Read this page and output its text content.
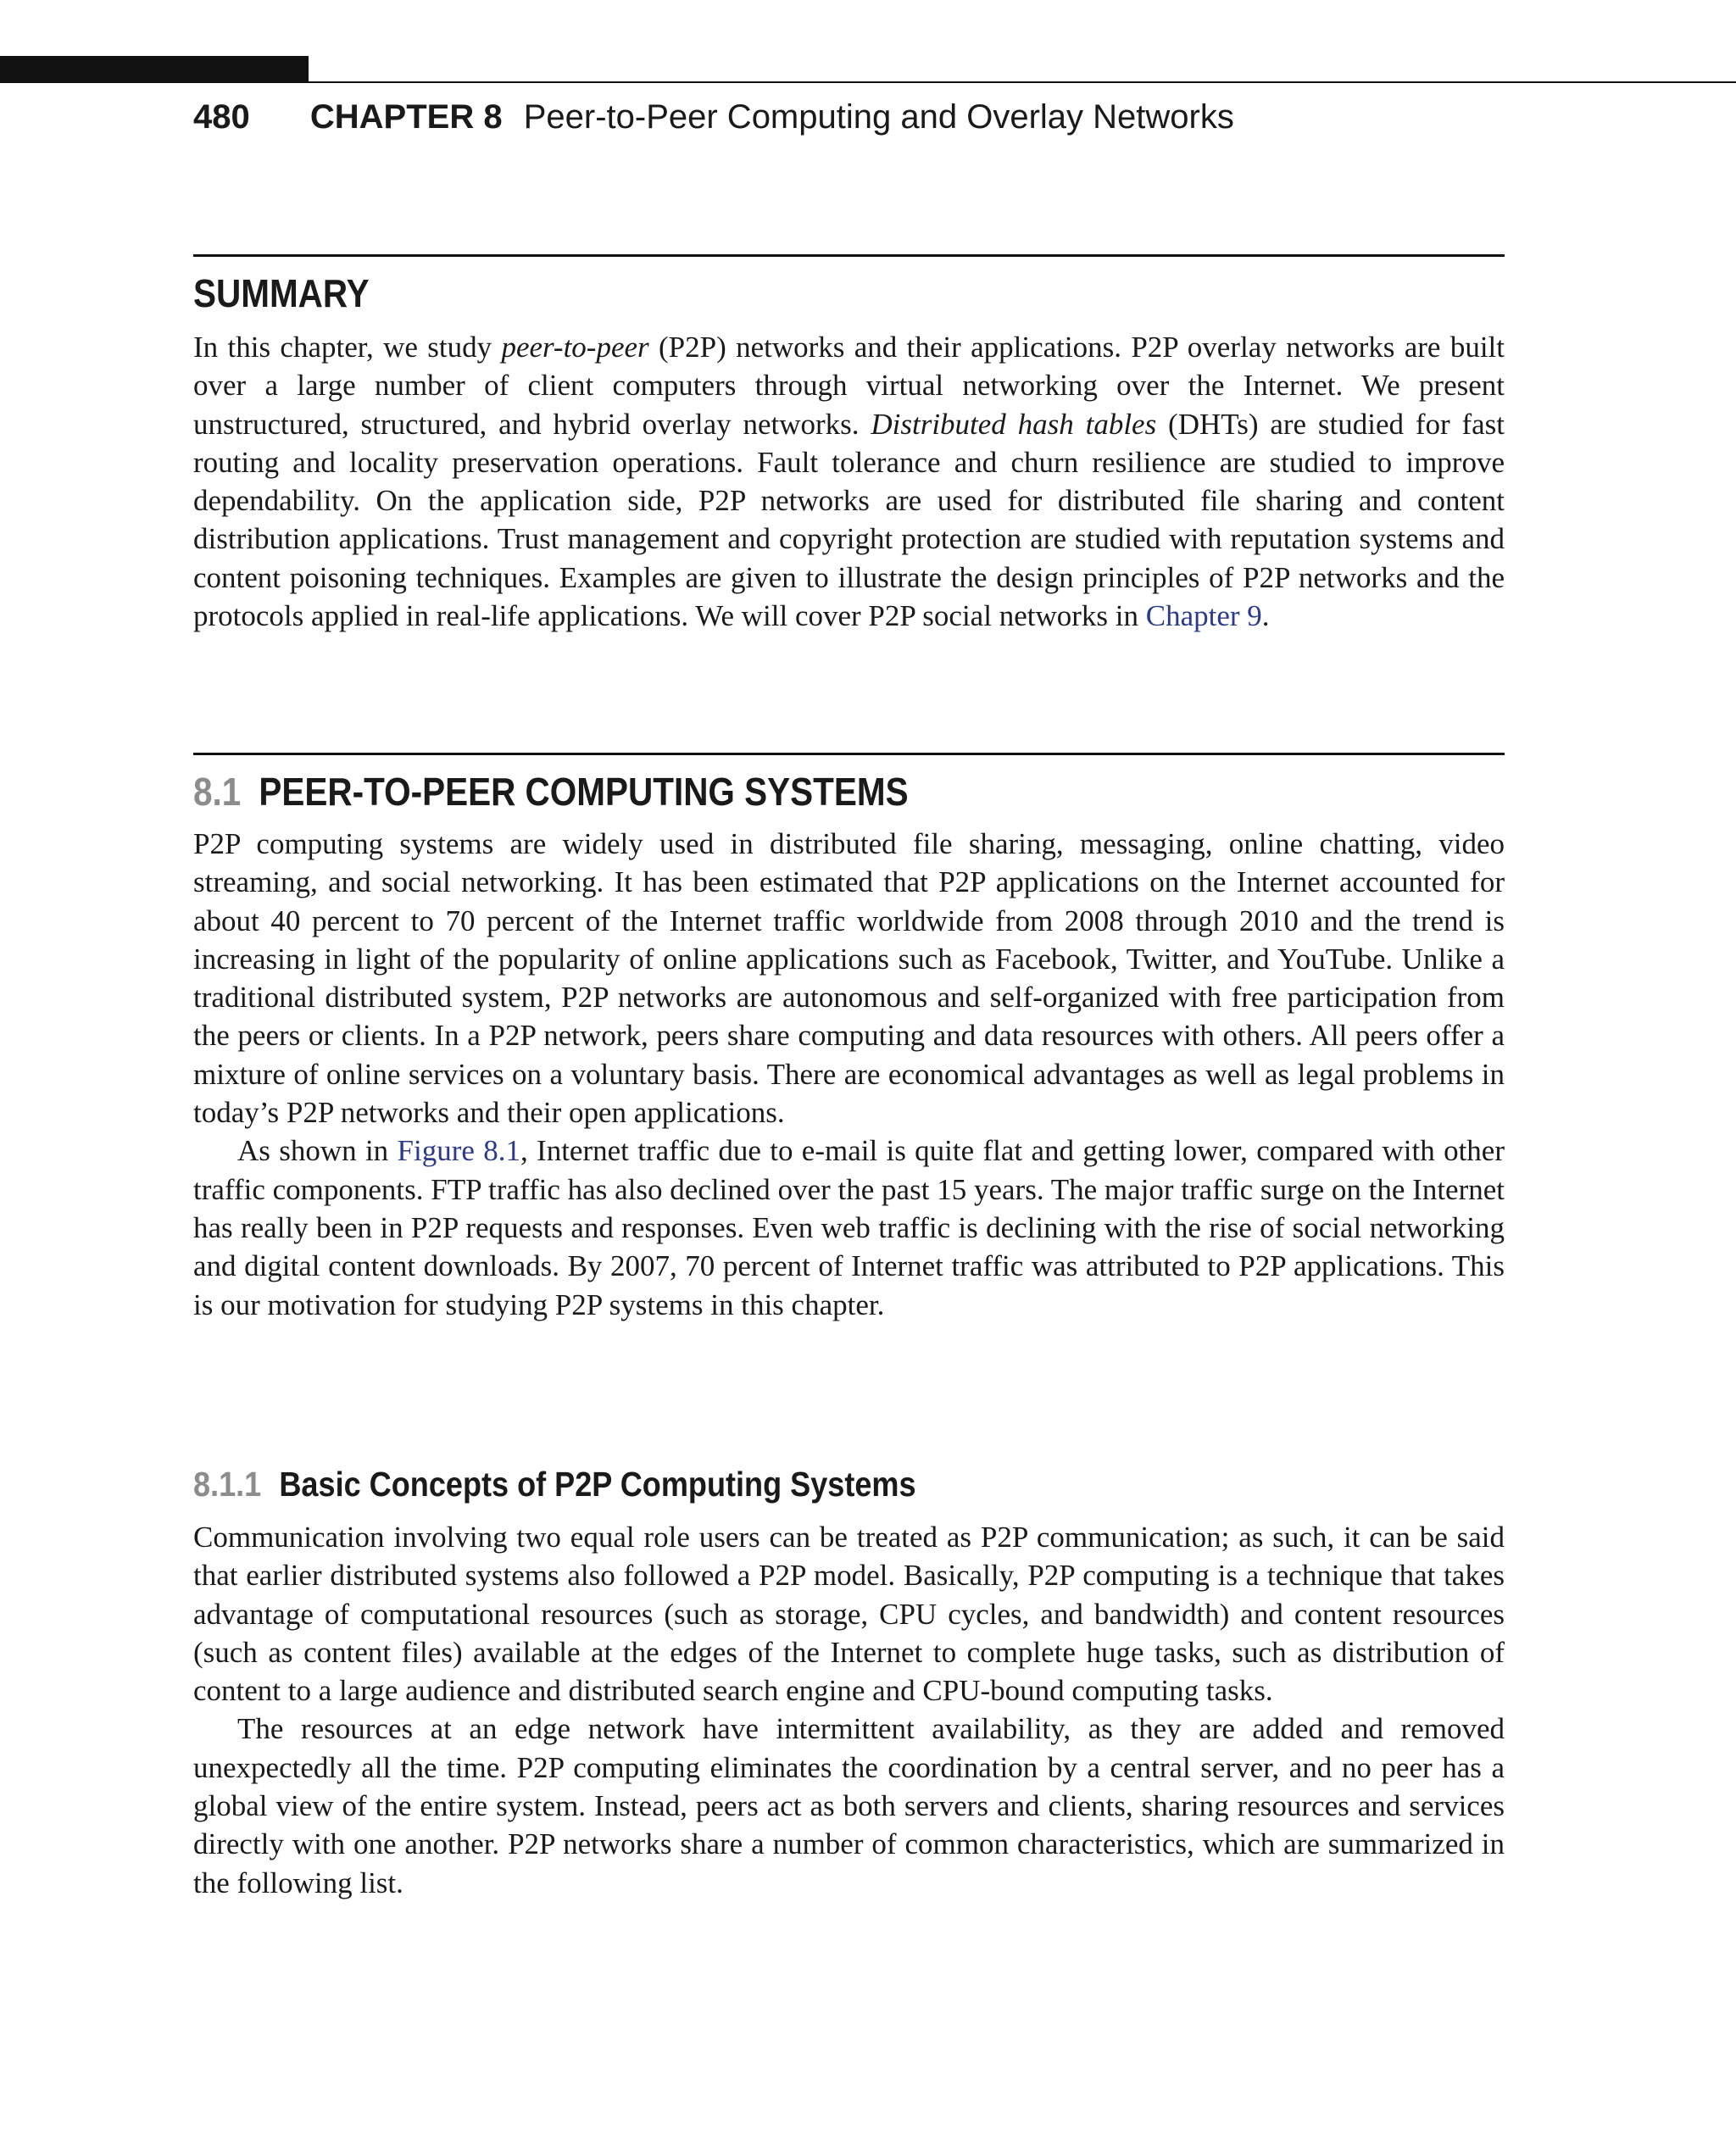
480 CHAPTER 8 Peer-to-Peer Computing and Overlay Networks
SUMMARY

In this chapter, we study peer-to-peer (P2P) networks and their applications. P2P overlay networks are built over a large number of client computers through virtual networking over the Internet. We present unstructured, structured, and hybrid overlay networks. Distributed hash tables (DHTs) are studied for fast routing and locality preservation operations. Fault tolerance and churn resilience are studied to improve dependability. On the application side, P2P networks are used for distributed file sharing and content distribution applications. Trust management and copyright protection are studied with reputation systems and content poisoning techniques. Examples are given to illustrate the design principles of P2P networks and the protocols applied in real-life applications. We will cover P2P social networks in Chapter 9.

8.1 PEER-TO-PEER COMPUTING SYSTEMS

P2P computing systems are widely used in distributed file sharing, messaging, online chatting, video streaming, and social networking. It has been estimated that P2P applications on the Internet accounted for about 40 percent to 70 percent of the Internet traffic worldwide from 2008 through 2010 and the trend is increasing in light of the popularity of online applications such as Facebook, Twitter, and YouTube. Unlike a traditional distributed system, P2P networks are autonomous and self-organized with free participation from the peers or clients. In a P2P network, peers share computing and data resources with others. All peers offer a mixture of online services on a voluntary basis. There are economical advantages as well as legal problems in today’s P2P networks and their open applications.

As shown in Figure 8.1, Internet traffic due to e-mail is quite flat and getting lower, compared with other traffic components. FTP traffic has also declined over the past 15 years. The major traffic surge on the Internet has really been in P2P requests and responses. Even web traffic is declining with the rise of social networking and digital content downloads. By 2007, 70 percent of Internet traffic was attributed to P2P applications. This is our motivation for studying P2P systems in this chapter.

8.1.1 Basic Concepts of P2P Computing Systems

Communication involving two equal role users can be treated as P2P communication; as such, it can be said that earlier distributed systems also followed a P2P model. Basically, P2P computing is a technique that takes advantage of computational resources (such as storage, CPU cycles, and bandwidth) and content resources (such as content files) available at the edges of the Internet to complete huge tasks, such as distribution of content to a large audience and distributed search engine and CPU-bound computing tasks.

The resources at an edge network have intermittent availability, as they are added and removed unexpectedly all the time. P2P computing eliminates the coordination by a central server, and no peer has a global view of the entire system. Instead, peers act as both servers and clients, sharing resources and services directly with one another. P2P networks share a number of common characteristics, which are summarized in the following list.
